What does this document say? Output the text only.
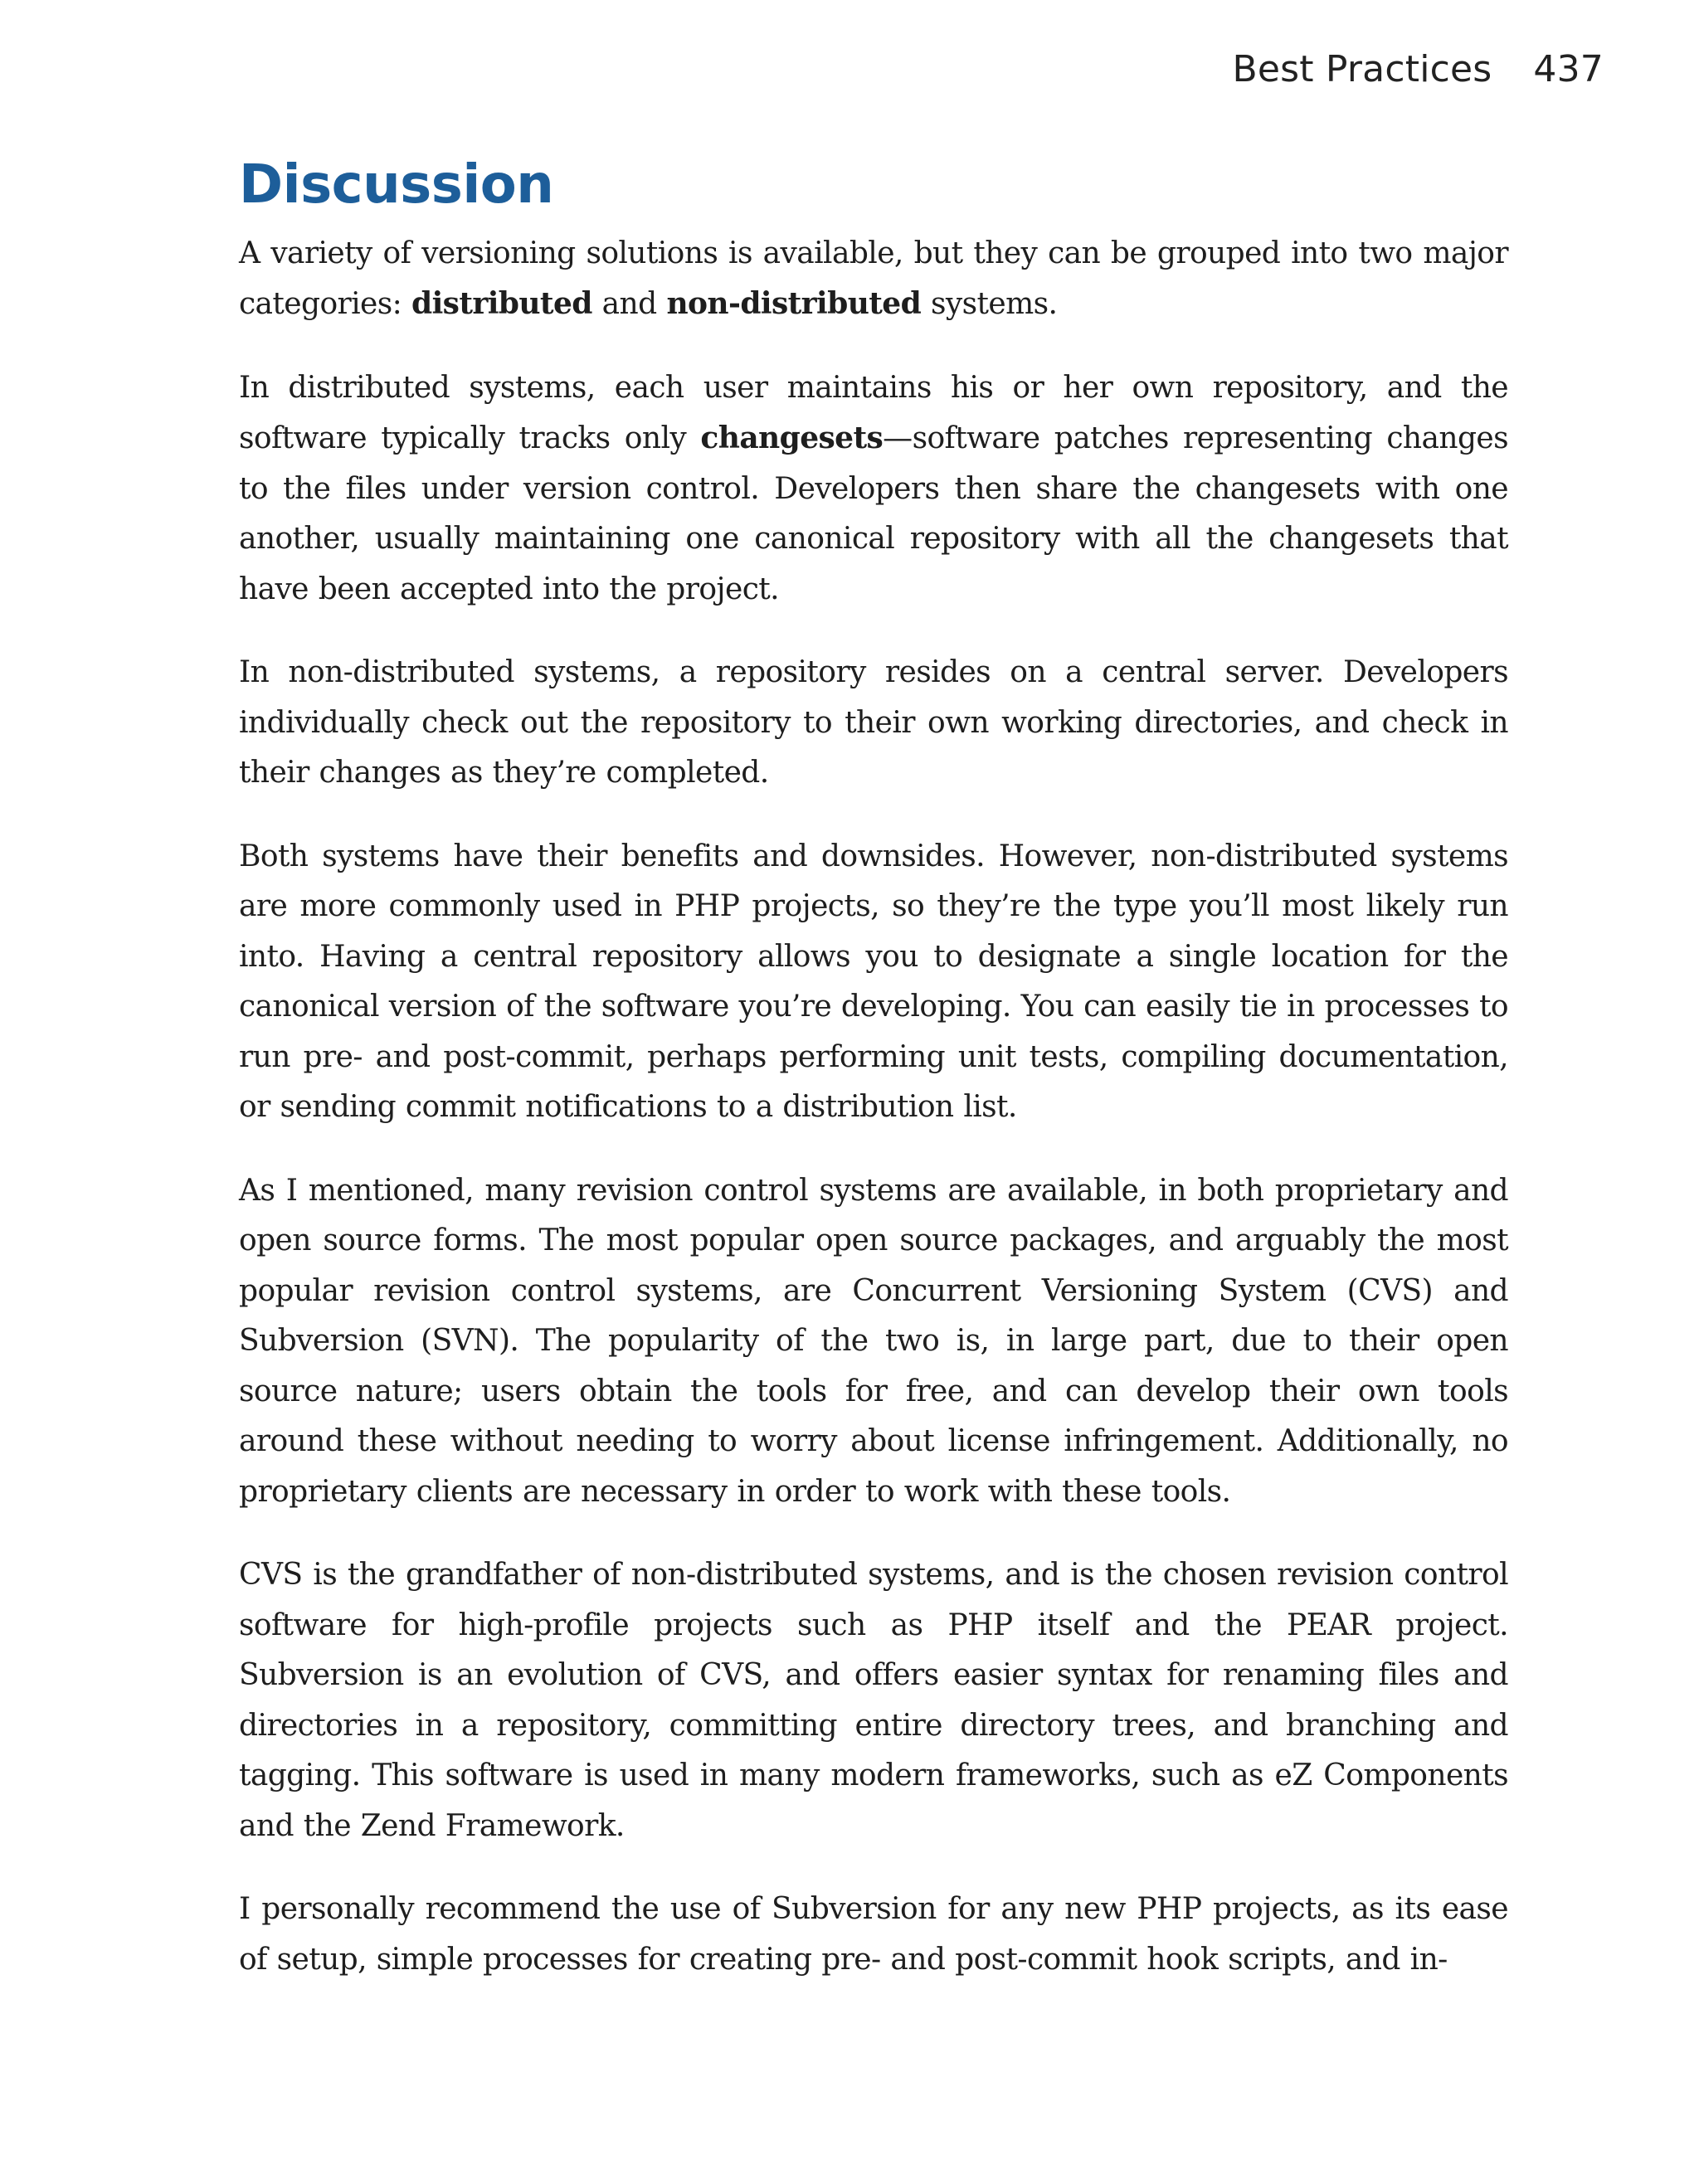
Best Practices 437
Discussion

A variety of versioning solutions is available, but they can be grouped into two major categories: distributed and non-distributed systems.

In distributed systems, each user maintains his or her own repository, and the software typically tracks only changesets—software patches representing changes to the files under version control. Developers then share the changesets with one another, usually maintaining one canonical repository with all the changesets that have been accepted into the project.

In non-distributed systems, a repository resides on a central server. Developers individually check out the repository to their own working directories, and check in their changes as they’re completed.

Both systems have their benefits and downsides. However, non-distributed systems are more commonly used in PHP projects, so they’re the type you’ll most likely run into. Having a central repository allows you to designate a single location for the canonical version of the software you’re developing. You can easily tie in processes to run pre- and post-commit, perhaps performing unit tests, compiling documentation, or sending commit notifications to a distribution list.

As I mentioned, many revision control systems are available, in both proprietary and open source forms. The most popular open source packages, and arguably the most popular revision control systems, are Concurrent Versioning System (CVS) and Subversion (SVN). The popularity of the two is, in large part, due to their open source nature; users obtain the tools for free, and can develop their own tools around these without needing to worry about license infringement. Additionally, no proprietary clients are necessary in order to work with these tools.

CVS is the grandfather of non-distributed systems, and is the chosen revision control software for high-profile projects such as PHP itself and the PEAR project. Subversion is an evolution of CVS, and offers easier syntax for renaming files and directories in a repository, committing entire directory trees, and branching and tagging. This software is used in many modern frameworks, such as eZ Components and the Zend Framework.

I personally recommend the use of Subversion for any new PHP projects, as its ease of setup, simple processes for creating pre- and post-commit hook scripts, and in-
